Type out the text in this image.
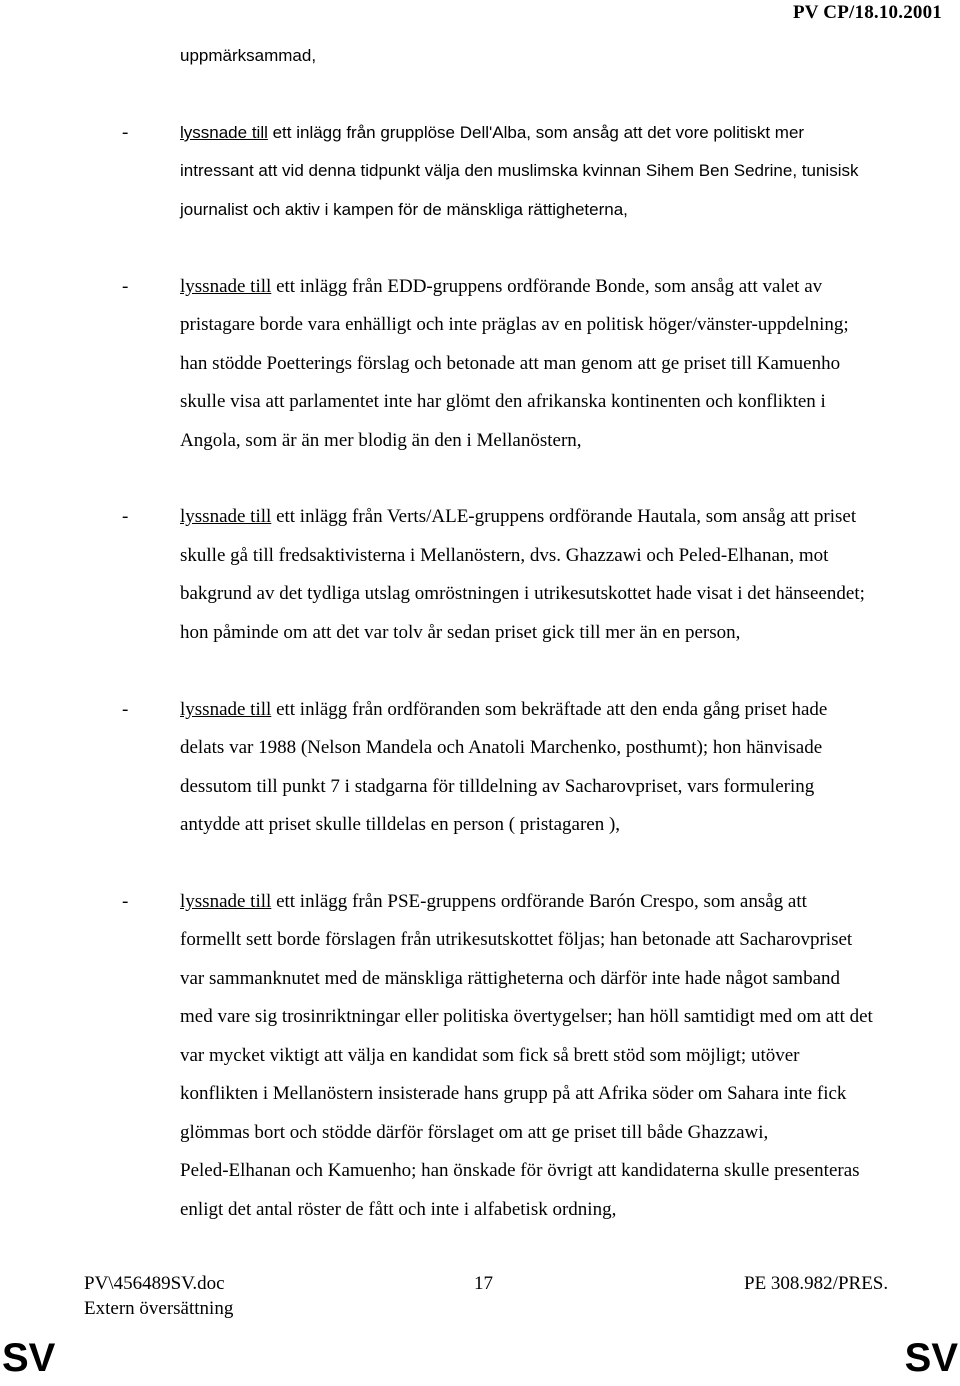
PV CP/18.10.2001
uppmärksammad,
-	lyssnade till ett inlägg från grupplöse Dell'Alba, som ansåg att det vore politiskt mer
intressant att vid denna tidpunkt välja den muslimska kvinnan Sihem Ben Sedrine, tunisisk
journalist och aktiv i kampen för de mänskliga rättigheterna,
-	lyssnade till ett inlägg från EDD-gruppens ordförande Bonde, som ansåg att valet av
pristagare borde vara enhälligt och inte präglas av en politisk höger/vänster-uppdelning;
han stödde Poetterings förslag och betonade att man genom att ge priset till Kamuenho
skulle visa att parlamentet inte har glömt den afrikanska kontinenten och konflikten i
Angola, som är än mer blodig än den i Mellanöstern,
-	lyssnade till ett inlägg från Verts/ALE-gruppens ordförande Hautala, som ansåg att priset
skulle gå till fredsaktivisterna i Mellanöstern, dvs. Ghazzawi och Peled-Elhanan, mot
bakgrund av det tydliga utslag omröstningen i utrikesutskottet hade visat i det hänseendet;
hon påminde om att det var tolv år sedan priset gick till mer än en person,
-	lyssnade till ett inlägg från ordföranden som bekräftade att den enda gång priset hade
delats var 1988 (Nelson Mandela och Anatoli Marchenko, posthumt); hon hänvisade
dessutom till punkt 7 i stadgarna för tilldelning av Sacharovpriset, vars formulering
antydde att priset skulle tilldelas en person ( pristagaren ),
-	lyssnade till ett inlägg från PSE-gruppens ordförande Barón Crespo, som ansåg att
formellt sett borde förslagen från utrikesutskottet följas; han betonade att Sacharovpriset
var sammanknutet med de mänskliga rättigheterna och därför inte hade något samband
med vare sig trosinriktningar eller politiska övertygelser; han höll samtidigt med om att det
var mycket viktigt att välja en kandidat som fick så brett stöd som möjligt; utöver
konflikten i Mellanöstern insisterade hans grupp på att Afrika söder om Sahara inte fick
glömmas bort och stödde därför förslaget om att ge priset till både Ghazzawi,
Peled-Elhanan och Kamuenho; han önskade för övrigt att kandidaterna skulle presenteras
enligt det antal röster de fått och inte i alfabetisk ordning,
PV\456489SV.doc	17	PE 308.982/PRES.
Extern översättning
SV	SV
